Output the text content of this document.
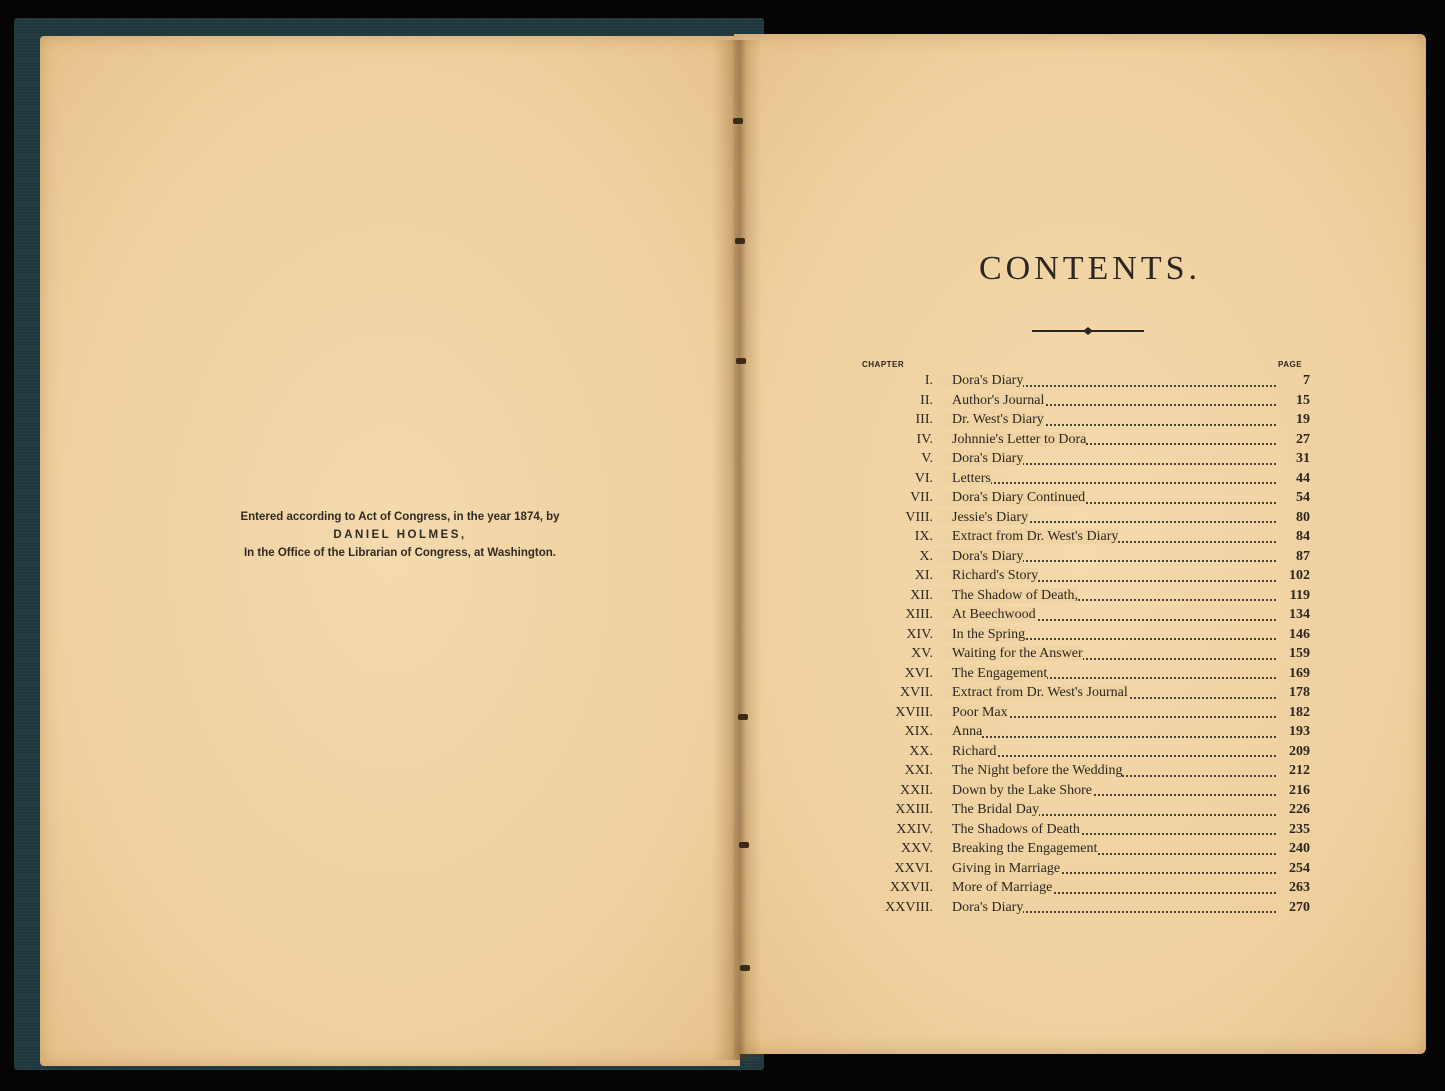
Entered according to Act of Congress, in the year 1874, by
DANIEL HOLMES,
In the Office of the Librarian of Congress, at Washington.
CONTENTS.
CHAPTER	PAGE
I.	Dora's Diary	7
II.	Author's Journal	15
III.	Dr. West's Diary	19
IV.	Johnnie's Letter to Dora	27
V.	Dora's Diary	31
VI.	Letters	44
VII.	Dora's Diary Continued	54
VIII.	Jessie's Diary	80
IX.	Extract from Dr. West's Diary	84
X.	Dora's Diary	87
XI.	Richard's Story	102
XII.	The Shadow of Death,	119
XIII.	At Beechwood	134
XIV.	In the Spring	146
XV.	Waiting for the Answer	159
XVI.	The Engagement	169
XVII.	Extract from Dr. West's Journal	178
XVIII.	Poor Max	182
XIX.	Anna	193
XX.	Richard	209
XXI.	The Night before the Wedding	212
XXII.	Down by the Lake Shore	216
XXIII.	The Bridal Day	226
XXIV.	The Shadows of Death	235
XXV.	Breaking the Engagement	240
XXVI.	Giving in Marriage	254
XXVII.	More of Marriage	263
XXVIII.	Dora's Diary	270
